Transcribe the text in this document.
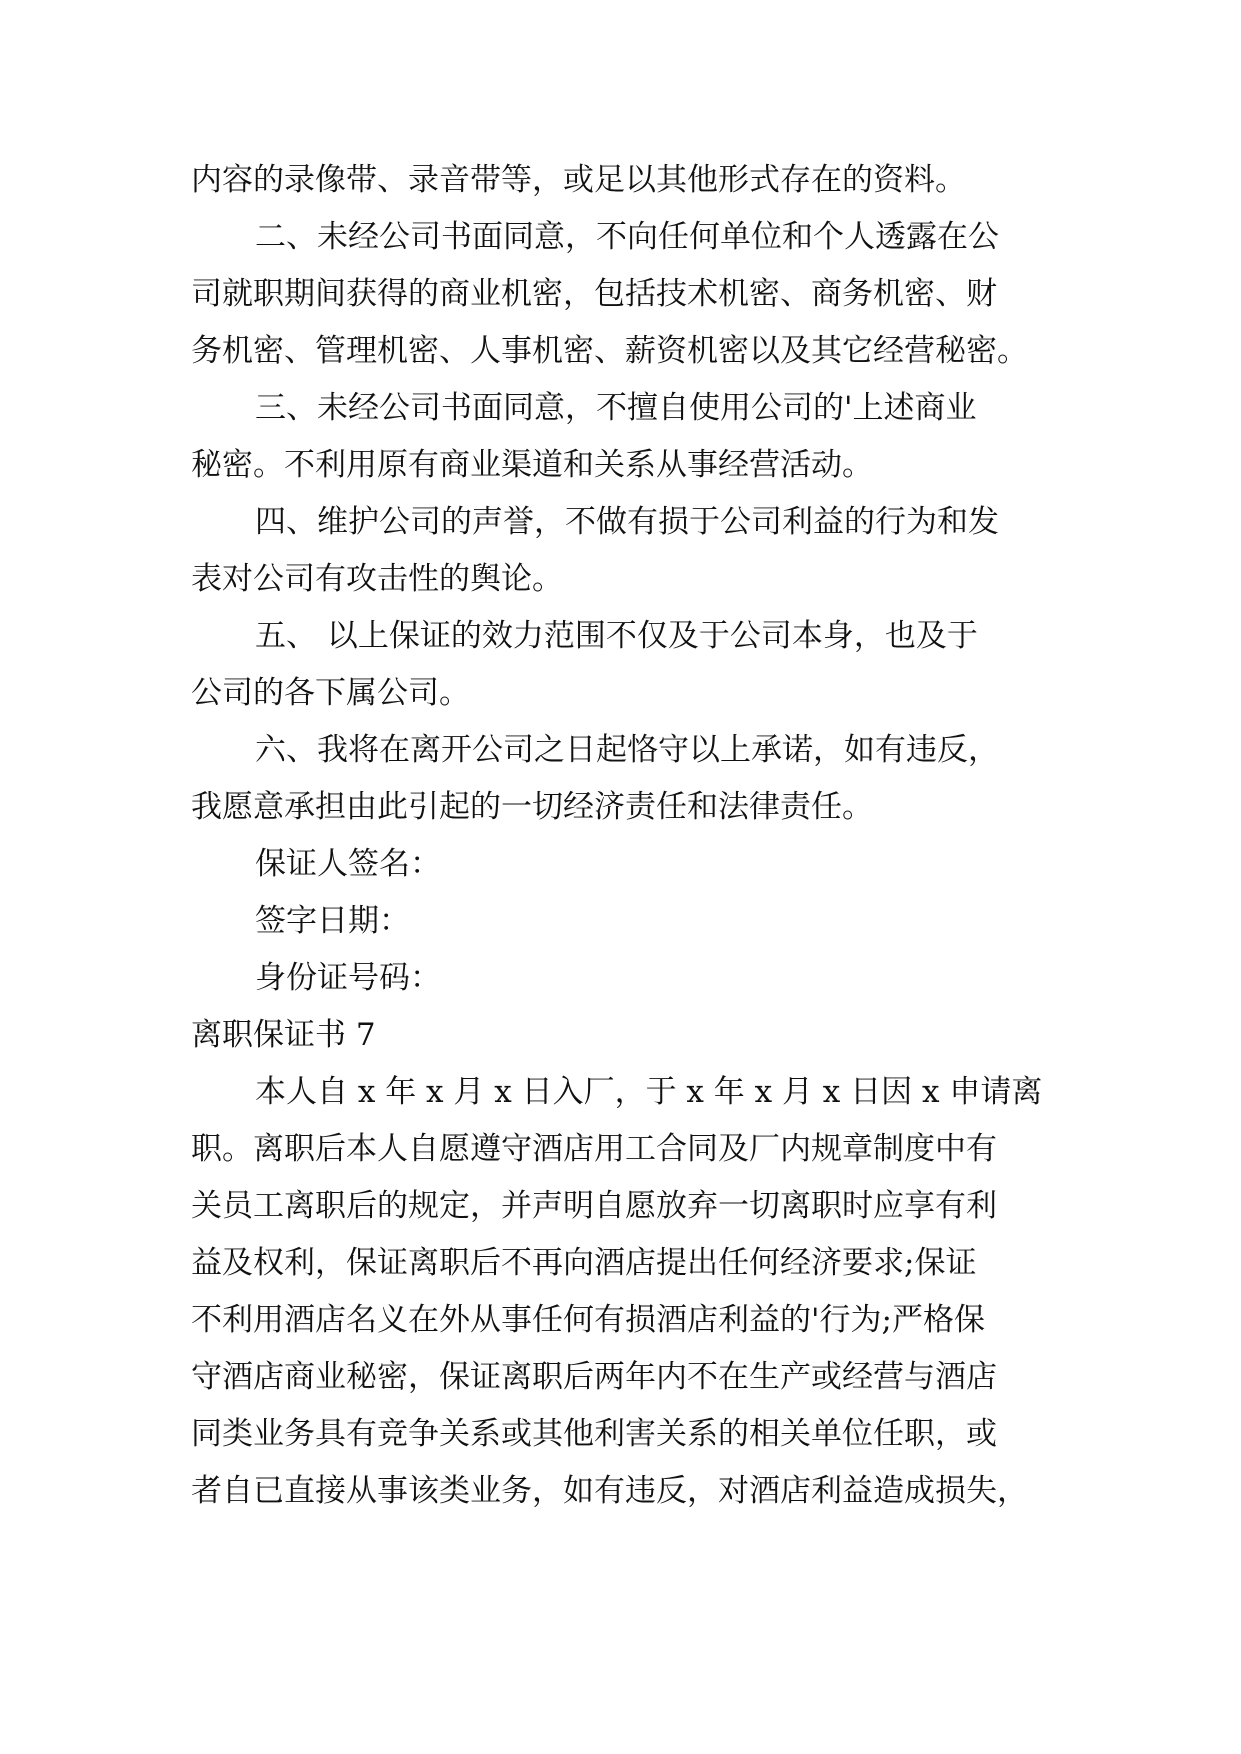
内容的录像带、录音带等，或足以其他形式存在的资料。
二、未经公司书面同意，不向任何单位和个人透露在公
司就职期间获得的商业机密，包括技术机密、商务机密、财
务机密、管理机密、人事机密、薪资机密以及其它经营秘密。
三、未经公司书面同意，不擅自使用公司的'上述商业
秘密。不利用原有商业渠道和关系从事经营活动。
四、维护公司的声誉，不做有损于公司利益的行为和发
表对公司有攻击性的舆论。
五、 以上保证的效力范围不仅及于公司本身，也及于
公司的各下属公司。
六、我将在离开公司之日起恪守以上承诺，如有违反，
我愿意承担由此引起的一切经济责任和法律责任。
保证人签名：
签字日期：
身份证号码：
离职保证书 7
本人自 x 年 x 月 x 日入厂，于 x 年 x 月 x 日因 x 申请离
职。离职后本人自愿遵守酒店用工合同及厂内规章制度中有
关员工离职后的规定，并声明自愿放弃一切离职时应享有利
益及权利，保证离职后不再向酒店提出任何经济要求;保证
不利用酒店名义在外从事任何有损酒店利益的'行为;严格保
守酒店商业秘密，保证离职后两年内不在生产或经营与酒店
同类业务具有竞争关系或其他利害关系的相关单位任职，或
者自已直接从事该类业务，如有违反，对酒店利益造成损失，
